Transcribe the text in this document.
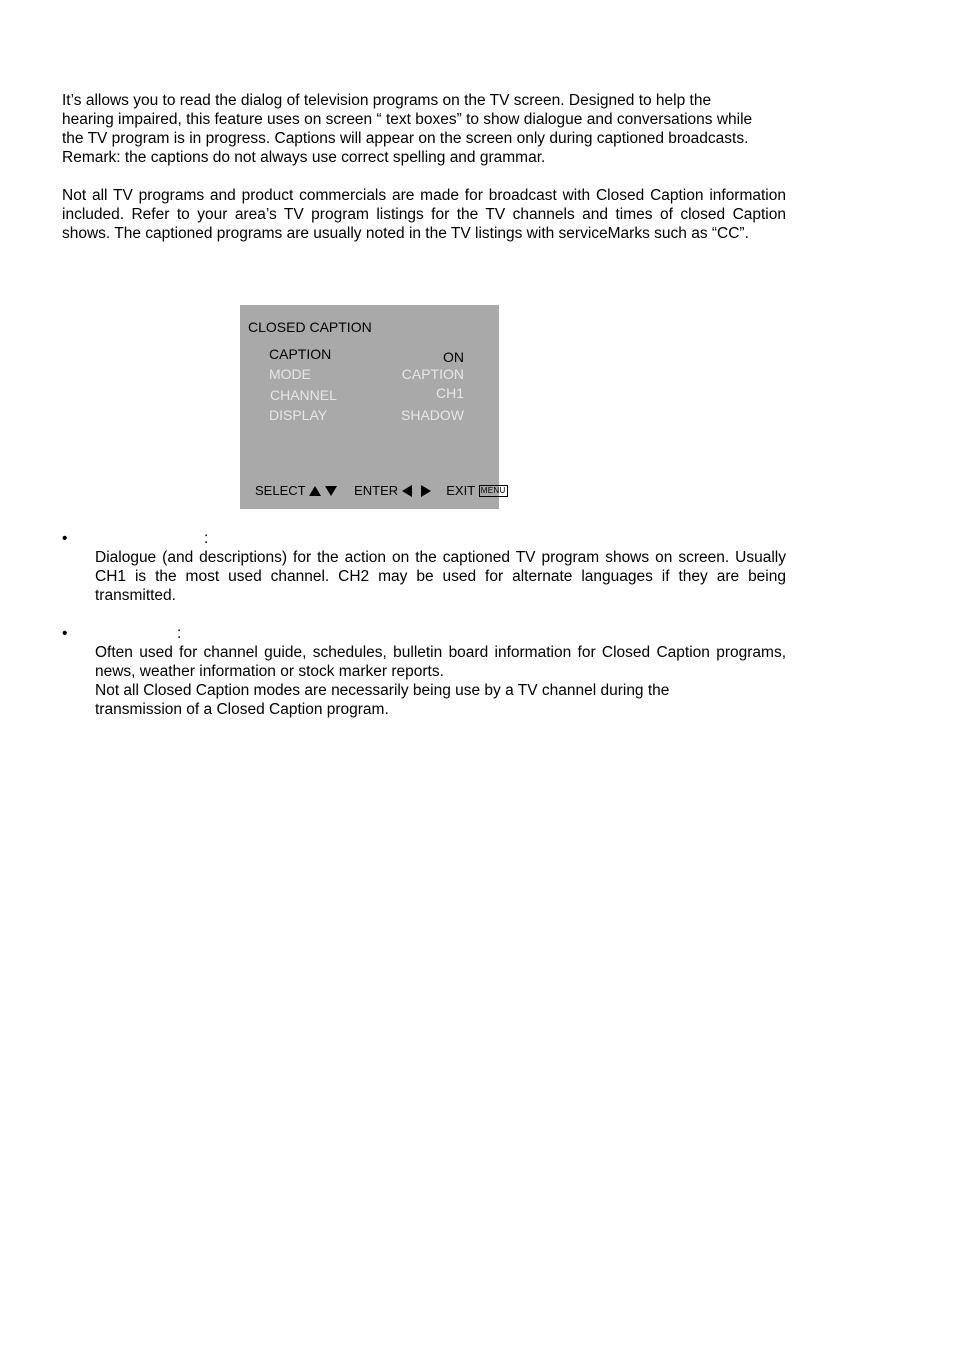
It’s allows you to read the dialog of television programs on the TV screen. Designed to help the hearing impaired, this feature uses on screen “ text boxes” to show dialogue and conversations while the TV program is in progress. Captions will appear on the screen only during captioned broadcasts.

Remark: the captions do not always use correct spelling and grammar.

Not all TV programs and product commercials are made for broadcast with Closed Caption information included. Refer to your area’s TV program listings for the TV channels and times of closed Caption shows. The captioned programs are usually noted in the TV listings with serviceMarks such as “CC”.

CLOSED CAPTION
CAPTION	ON
MODE	CAPTION
CHANNEL	CH1
DISPLAY	SHADOW
SELECT	ENTER	EXIT MENU
•	:

Dialogue (and descriptions) for the action on the captioned TV program shows on screen. Usually CH1 is the most used channel. CH2 may be used for alternate languages if they are being transmitted.

•	:

Often used for channel guide, schedules, bulletin board information for Closed Caption programs, news, weather information or stock marker reports.

Not all Closed Caption modes are necessarily being use by a TV channel during the transmission of a Closed Caption program.
